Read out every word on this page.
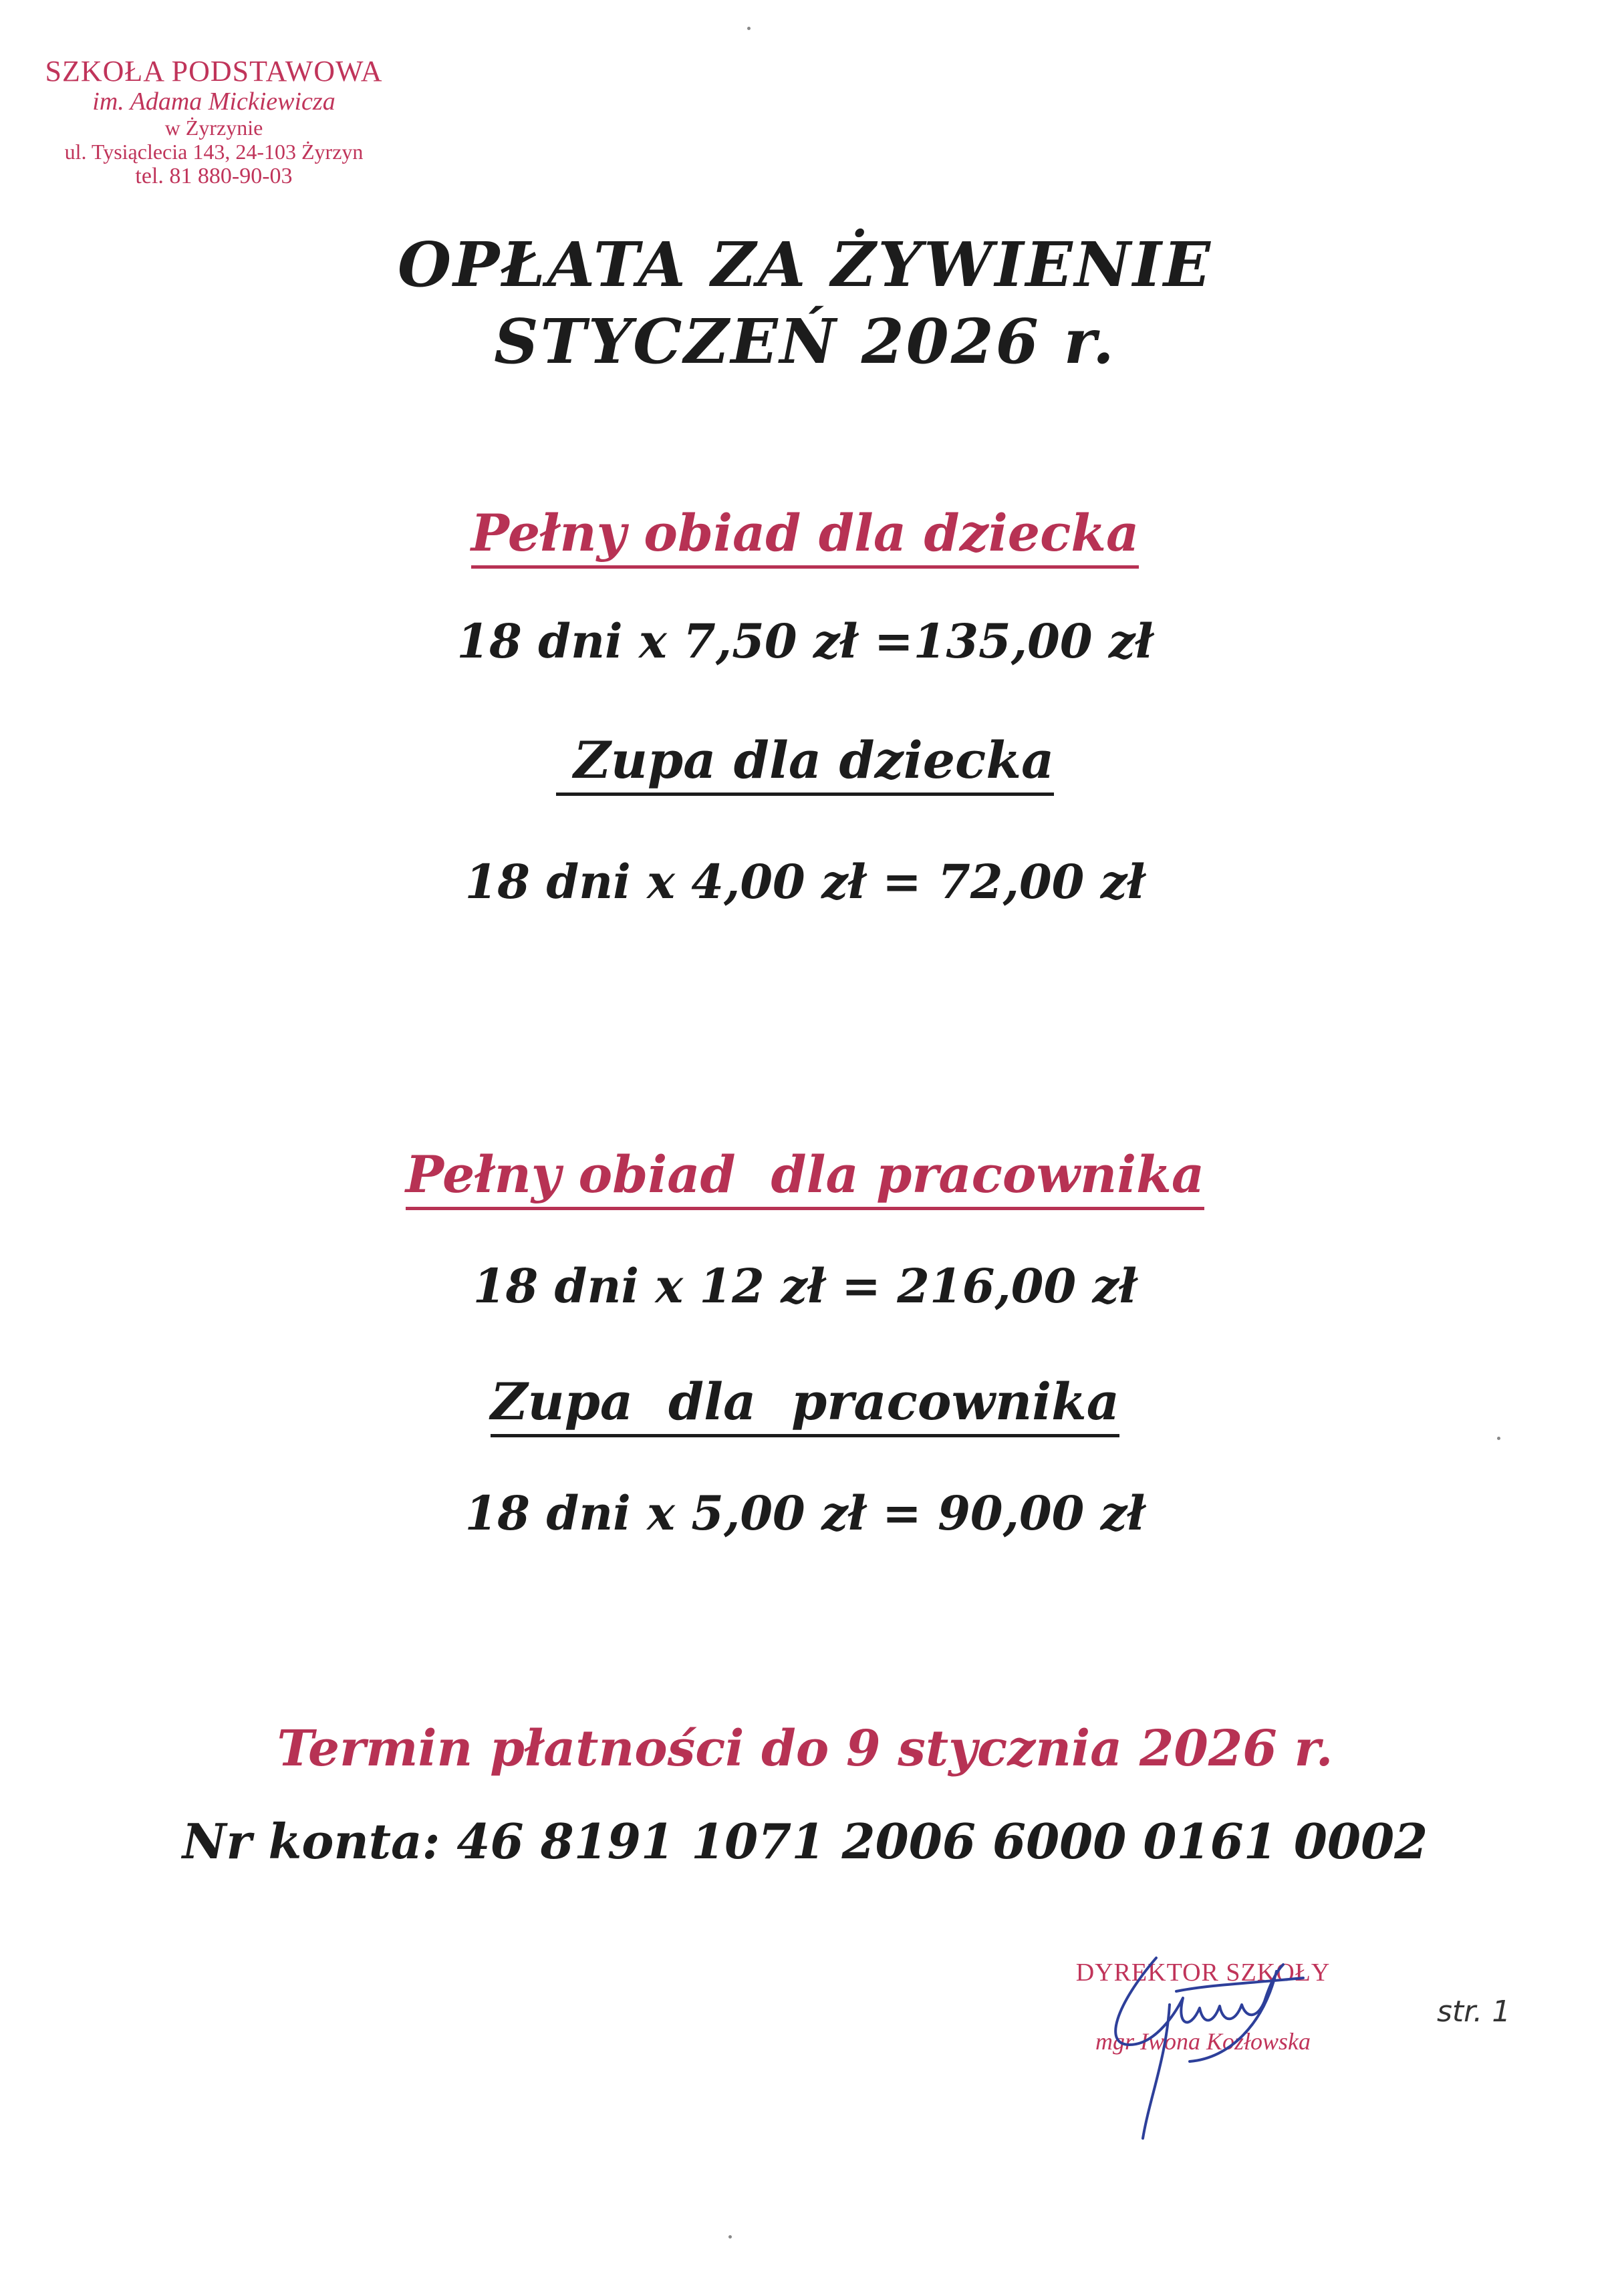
SZKOŁA PODSTAWOWA
im. Adama Mickiewicza
w Żyrzynie
ul. Tysiąclecia 143, 24-103 Żyrzyn
tel. 81 880-90-03
OPŁATA ZA ŻYWIENIE
STYCZEŃ 2026 r.
Pełny obiad dla dziecka
18 dni x 7,50 zł =135,00 zł
Zupa dla dziecka
18 dni x 4,00 zł = 72,00 zł
Pełny obiad  dla pracownika
18 dni x 12 zł = 216,00 zł
Zupa  dla  pracownika
18 dni x 5,00 zł = 90,00 zł
Termin płatności do 9 stycznia 2026 r.
Nr konta: 46 8191 1071 2006 6000 0161 0002
DYREKTOR SZKOŁY
mgr Iwona Kozłowska
str. 1
